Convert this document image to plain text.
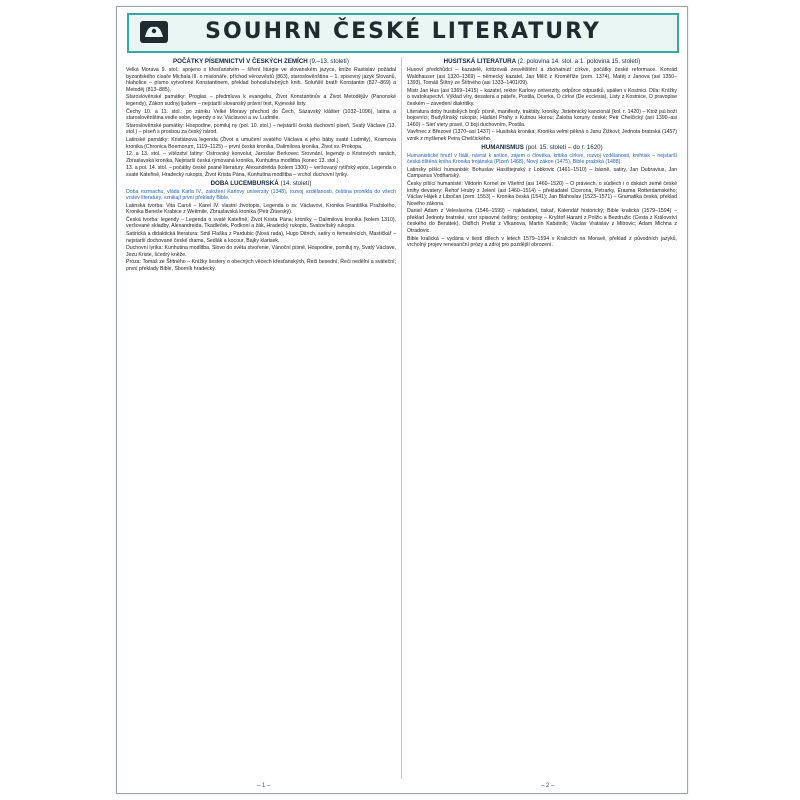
SOUHRN ČESKÉ LITERATURY
POČÁTKY PÍSEMNICTVÍ V ČESKÝCH ZEMÍCH (9.–13. století)

Velká Morava 9. stol.: spojeno s křesťanstvím – šíření liturgie ve slovanském jazyce, kníže Rastislav požádal byzantského císaře Michala III. o misionáře, příchod věrozvěstů (863), staroslověnština – 1. spisovný jazyk Slovanů, hlaholice – písmo vytvořené Konstantinem, překlad bohoslužebných knih. Soluňští bratři Konstantin (827–869) a Metoděj (813–885).

Staroslověnské památky: Proglas – předmluva k evangeliu, Život Konstantinův a Život Metodějův (Panonské legendy), Zákon sudnyj ljudem – nejstarší slovanský právní text, Kyjevské listy.

Čechy 10. a 11. stol.: po zániku Velké Moravy přechod do Čech, Sázavský klášter (1032–1096), latina a staroslověnština vedle sebe, legendy o sv. Václavovi a sv. Ludmile.

Staroslověnské památky: Hospodine, pomiluj ny (pol. 10. stol.) – nejstarší česká duchovní píseň, Svatý Václave (13. stol.) – píseň s prosbou za český národ.

Latinské památky: Kristiánova legenda (Život a umučení svatého Václava a jeho báby svaté Ludmily), Kosmova kronika (Chronica Boemorum, 1119–1125) – první česká kronika, Dalimilova kronika, Život sv. Prokopa.

12. a 13. stol. – vítězství latiny: Ostrovský konvolut, Jaroslav Berkovec Srovnání, legendy o Kristových ranách, Zbraslavská kronika, Nejstarší česká rýmovaná kronika, Kunhutina modlitba (konec 13. stol.).

13. a pol. 14. stol. – počátky české psané literatury: Alexandreida (kolem 1300) – veršovaný rytířský epos, Legenda o svaté Kateřině, Hradecký rukopis, Život Krista Pána, Kunhutina modlitba – vrchol duchovní lyriky.

DOBA LUCEMBURSKÁ (14. století)

Doba rozmachu, vláda Karla IV., založení Karlovy univerzity (1348), rozvoj vzdělanosti, čeština pronikla do všech vrstev literatury, vznikají první překlady Bible.

Latinská tvorba: Vita Caroli – Karel IV. vlastní životopis, Legenda o sv. Václavovi, Kronika Františka Pražského, Kronika Beneše Krabice z Weitmile, Zbraslavská kronika (Petr Žitavský).

Česká tvorba: legendy – Legenda o svaté Kateřině, Život Krista Pána; kroniky – Dalimilova kronika (kolem 1310), veršované skladby, Alexandreida, Tkadleček, Podkoní a žák, Hradecký rukopis, Svatovítský rukopis.

Satirická a didaktická literatura: Smil Flaška z Pardubic (Nová rada), Hugo Ditrich, satiry o řemeslnících, Mastičkář – nejstarší dochované české drama, Sedlák a kocour, Bajky klarisek.

Duchovní lyrika: Kunhutina modlitba, Slovo do světa stvořenie, Vánoční písně, Hospodine, pomiluj ny, Svatý Václave, Jezu Kriste, ščedrý kněže.

Próza: Tomáš ze Štítného – Knížky šestery o obecných věcech křesťanských, Řeči besední, Řeči nedělní a sváteční; první překlady Bible, Sborník hradecký.

HUSITSKÁ LITERATURA (2. polovina 14. stol. a 1. polovina 15. století)

Husovi předchůdci – kazatelé, kritizovali zesvětštění a zbohatnutí církve, počátky české reformace. Konrád Waldhauser (asi 1320–1369) – německý kazatel, Jan Milíč z Kroměříže (zem. 1374), Matěj z Janova (asi 1350–1393), Tomáš Štítný ze Štítného (asi 1333–1401/09).

Mistr Jan Hus (asi 1369–1415) – kazatel, rektor Karlovy univerzity, odpůrce odpustků, upálen v Kostnici. Díla: Knížky o svatokupectví, Výklad víry, desatera a páteře, Postila, Dcerka, O církvi (De ecclesia), Listy z Kostnice, O pravopise českém – zavedení diakritiky.

Literatura doby husitských bojů: písně, manifesty, traktáty, kroniky. Jistebnický kancionál (kol. r. 1420) – Ktož jsú boží bojovníci; Budyšínský rukopis; Hádání Prahy s Kutnou Horou; Žaloba koruny české; Petr Chelčický (asi 1390–asi 1460) – Sieť viery pravé, O boji duchovním, Postila.

Vavřinec z Březové (1370–asi 1437) – Husitská kronika; Kronika velmi pěkná o Janu Žižkovi; Jednota bratrská (1457) vznik z myšlenek Petra Chelčického.

HUMANISMUS (pol. 15. století – do r. 1620)

Humanistické hnutí v Itálii, návrat k antice, zájem o člověka, kritika církve, rozvoj vzdělanosti, knihtisk – nejstarší česká tištěná kniha Kronika trojánská (Plzeň 1468), Nový zákon (1475), Bible pražská (1488).

Latinsky píšící humanisté: Bohuslav Hasištejnský z Lobkovic (1461–1510) – básně, satiry, Jan Dubravius, Jan Campanus Vodňanský.

Česky píšící humanisté: Viktorin Kornel ze Všehrd (asi 1460–1520) – O práviech, o súdiech i o dskách země české knihy devatery; Řehoř Hrubý z Jelení (asi 1460–1514) – překladatel Cicerona, Petrarky, Erasma Rotterdamského; Václav Hájek z Libočan (zem. 1553) – Kronika česká (1541); Jan Blahoslav (1523–1571) – Gramatika česká, překlad Nového zákona.

Daniel Adam z Veleslavína (1546–1599) – nakladatel, tiskař, Kalendář historický; Bible kralická (1579–1594) – překlad Jednoty bratrské, vzor spisovné češtiny; cestopisy – Kryštof Harant z Polžic a Bezdružic (Cesta z Království českého do Benátek), Oldřich Prefát z Vlkanova, Martin Kabátník; Václav Vratislav z Mitrovic; Adam Michna z Otradovic.

Bible kralická – vydána v šesti dílech v letech 1579–1594 v Kralicích na Moravě, překlad z původních jazyků, vrcholný projev renesanční prózy a zdroj pro pozdější obrození.

– 1 –	– 2 –
